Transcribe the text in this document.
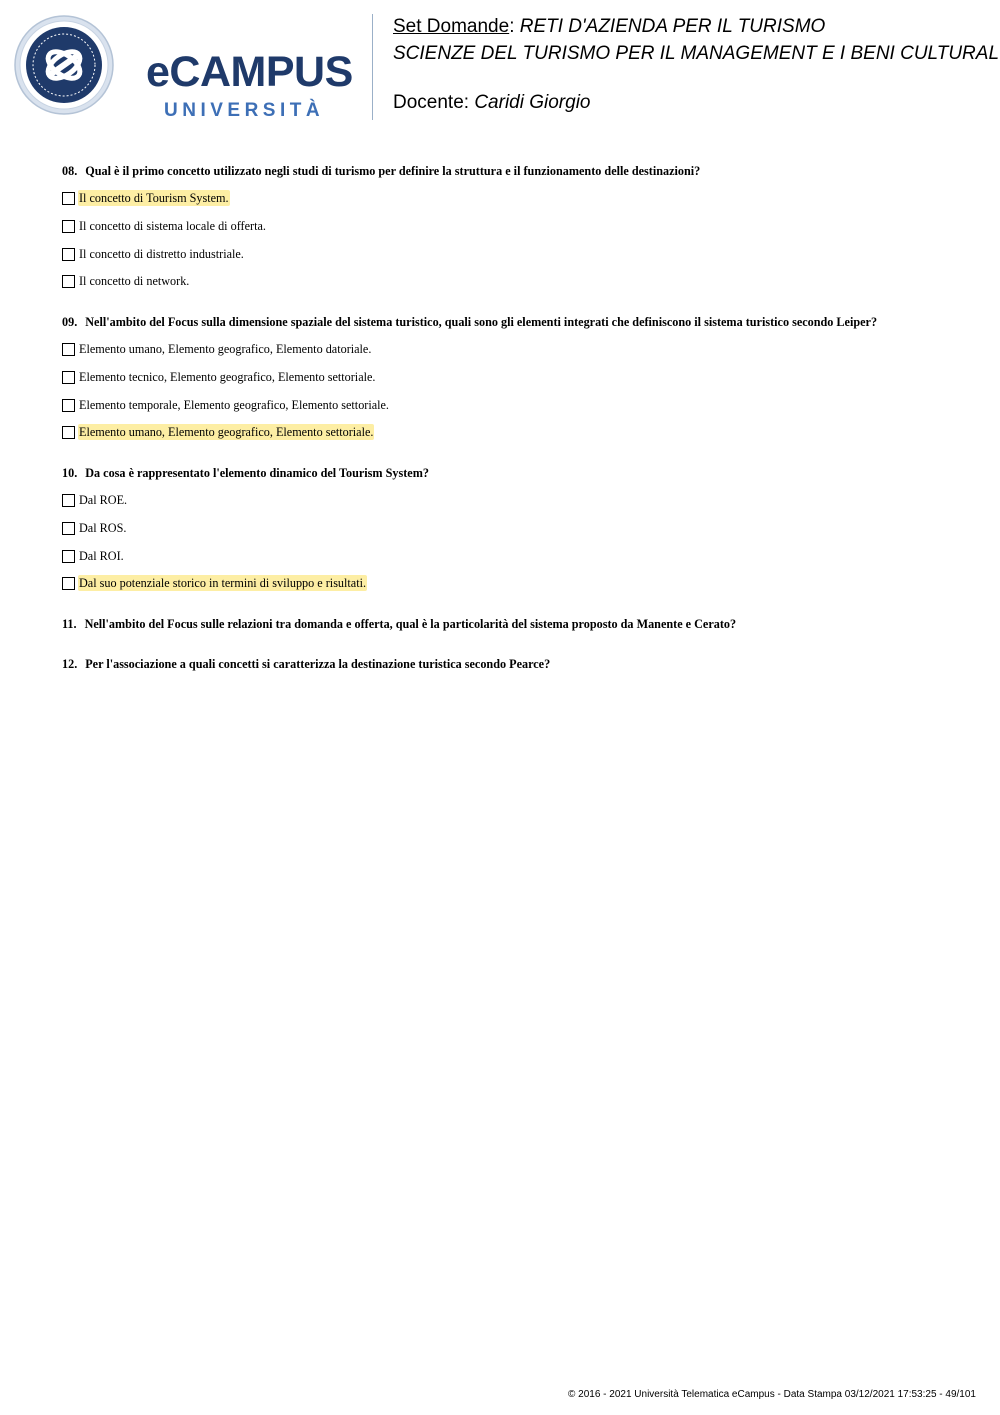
eCAMPUS
UNIVERSITÀ
Set Domande: RETI D'AZIENDA PER IL TURISMO
SCIENZE DEL TURISMO PER IL MANAGEMENT E I BENI CULTURAL
Docente: Caridi Giorgio
08. Qual è il primo concetto utilizzato negli studi di turismo per definire la struttura e il funzionamento delle destinazioni?
Il concetto di Tourism System.
Il concetto di sistema locale di offerta.
Il concetto di distretto industriale.
Il concetto di network.
09. Nell'ambito del Focus sulla dimensione spaziale del sistema turistico, quali sono gli elementi integrati che definiscono il sistema turistico secondo Leiper?
Elemento umano, Elemento geografico, Elemento datoriale.
Elemento tecnico, Elemento geografico, Elemento settoriale.
Elemento temporale, Elemento geografico, Elemento settoriale.
Elemento umano, Elemento geografico, Elemento settoriale.
10. Da cosa è rappresentato l'elemento dinamico del Tourism System?
Dal ROE.
Dal ROS.
Dal ROI.
Dal suo potenziale storico in termini di sviluppo e risultati.
11. Nell'ambito del Focus sulle relazioni tra domanda e offerta, qual è la particolarità del sistema proposto da Manente e Cerato?
12. Per l'associazione a quali concetti si caratterizza la destinazione turistica secondo Pearce?
© 2016 - 2021 Università Telematica eCampus - Data Stampa 03/12/2021 17:53:25 - 49/101
